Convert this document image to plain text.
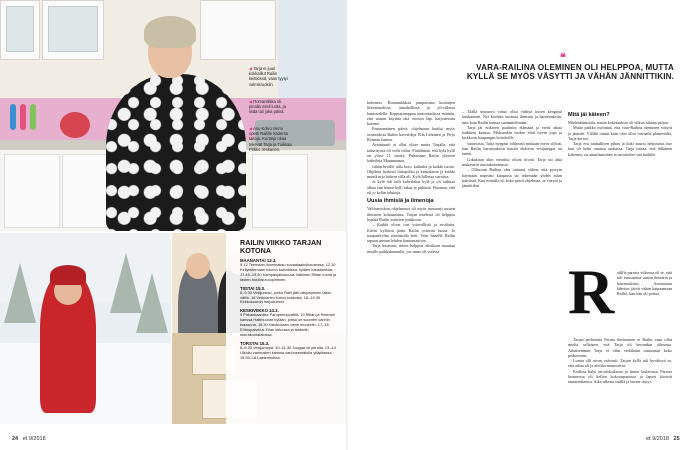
◀ Tarja ei juuri kokkaillut Railin keittiössä, vaan tyytyi valmisruokiin.
◀ Romantiikka oli pinalla mieli lunta, ja lisää tuli joka päivä.
◀ Anu Kolvo niemi opetti Railille kädentä taitoja. Kortteja nkaa tekevät Tarja ja Tuikkaa Pirkko Jeskanen.
RAILIN VIIKKO TARJAN KOTONA
MAANANTAI 13.3.
9-12 Teemaan ilonnmaksu suvaalaakolkousessa. 12.30 Kellytsilemaan tulcmo kahvilassa, kyläen tutustumista. 17.45–19.30 Kampanjakokouus Valkinen Riitan luona ja tasten-hoidosta sopiminen.
TIISTAI 15.3.
8–9.30 Vesijuokso, jonka Raili jätti väsymyksen takia väliin. 16 Verkkarien Kahvi-hoidosta. 18–19.30 Kirkkokuoron harjoitukset.
KESKIVIIKKO 14.3.
9 Pirkankaantiss Paropeenpurttilä. 13 Rillan ja Helenen kanssa Haltinuuran kylään, jossa on suomen vanhin tsaasuna. 16.30 Valokuvaan vienti muokelin. 17–18 Ehtoopalvelus Ellan kirkossa ja tasfortin seurakuntatalossa.
TORSTAI 15.3.
8–8.30 Vesijumppa. 10–11.30 Joogaa oli perulla. 13–14 Ulkoilu vanhusten kanssa vanhusentalolla ylläpitassa. 15.30–18 Lastenhoitoa.
24 et 9/2018
❝
VARA-RAILINA OLEMINEN OLI HELPPOA, MUTTA KYLLÄ SE MYÖS VÄSYTTI JA VÄHÄN JÄNNITTIKIN.

kokemus. Romantiikkaa jampaisaan kouluijen liikuntasalissa, aimahallissa ja yli-sillassa kuntosalella. Keppiajumppaa tontontuolissa määrän, että saatan käyttää tätä eroissa läpi harjoiterstta koteme.

Ensimmäinen päivä: ohjelmaan kuului myös avanoidista Railin kaverideja Ella Lehtinen ja Pirjo Ronnan kanssa.

Avaintuutti ei ollut ylitse mutta Tarjalla, että taiturityötä oli vielä tullut. Pitäähtänä, että kylä hylli on ylitse 11 vuotta. Puhuitaan Railin ylitseen kahvileta Maanmaasta.

vähän luvalle tulla koto, kutkulta ja kaikki tuotto. Ohjelma hytkesti liittopolku ja kansalaista ja kaikki muutkin ja kahvin sillä oli. Kylä hillassa suvaitsa.

Ja kylä tuli tulli kahvilukat kylä ja oli tarkkaa alkaa että hänen hylli aikaa ja pitkästä. Huomaa, että oli jo kylän talukoja.

Uusia ihmisiä ja ilmenoja

Valtionviskon ohjelmassa oli myös runsaasti uusien ihmisten kohtaamista. Tarjan mielestä oli helppoa hypätä Railin ystävien joukkoon.

– Kaikki olivat tosi ystävällisiä ja avuliaita. Kävin kyläissä parin Railin ystävän luona. Ja naapurikylän toimistolla heti. Vein hänelle Railin tapaan aamun lehden kantomattoon.

Tarja huomasi, miten helppoa olisikaan muuttaa maalle paikkakunnalle, jos sinne oli ystäviä.

– Täällä seuraava virtuo ollut viihtyä toisen kengissä kuukauteni. Nyt koettiin tutustua ihmisiin ja harrastuksiin, niin kuin Railin kanssa suunnittelimme.

Tarja jäi erikseen pauliniin elämään ja vietti aikaa kaikkien kanssa. Muksenkin luokse ehtii hyvin jopa ja kirkkoon kaupungin hoitoloille.

vaativasta. Tarja hyppäsi rohkeasti mukaan myös silloin, kun Railin harrastuksiin kuului ehdoton vesijumppa tai tanssi.

Lokakuun alun vierailut olivat tiivitä. Tarja sai aika mukavasti taustakokemusta.

– Ollessani Railina olin tottunut siihen, että pystyin käymään nopeasti kaupassa tai tekemään yhden asian päivässä. Kun minulla oli koko päivä ohjelmaa, se väsytti ja jännittikin.

Mitä jäi käteen?

Mielenkiintoista, mutta kokemuksia oli vilkon aikana paljon.

Mutta paikko myöntää, että vara-Railina oleminen väsytti ja jännitti. Välillä tuntui kuin olisi ollut vieraalla planeetalla, Tarja kertoo.

Tarja etsi rauhallisen pihan ja koki suurta helpotusta itse kun oli hetki omassa rauhassa. Tarja toteaa, että tällainen kokemus on ainutlaatuinen ja suosittelee sitä kaikille.

R ailille parasta viikossa oli se, että tuli tutustuttua uusiin ihmisiin ja harrastuksiin. Ainoastaan läheiset jäivät vähän kaipaamaan Railia, kun hän oli poissa.

Tarjan perhetutta Ferma Savinainen ei Railin vaan ollut mieltä sellainen, että Tarja oli kerrankin oikeassa. Aikaisemmin Tarja ei ollut vieläkään tutustunut koko perheeseen.

Lumia olli aivan vahvasti. Tarjan kyllä tuli hyväksyä se, että aikaa oli ja olotilat muuttuivat.

Kodissa hälyi ortodoksikuoro ja lasten laulavasta. Parissa luonnossa oli kellon kokoonpanossa ja lapset kävivät rantarenkaissa. Aika ulkona sisällä ja huone täytyi.

et 9/2018 25
